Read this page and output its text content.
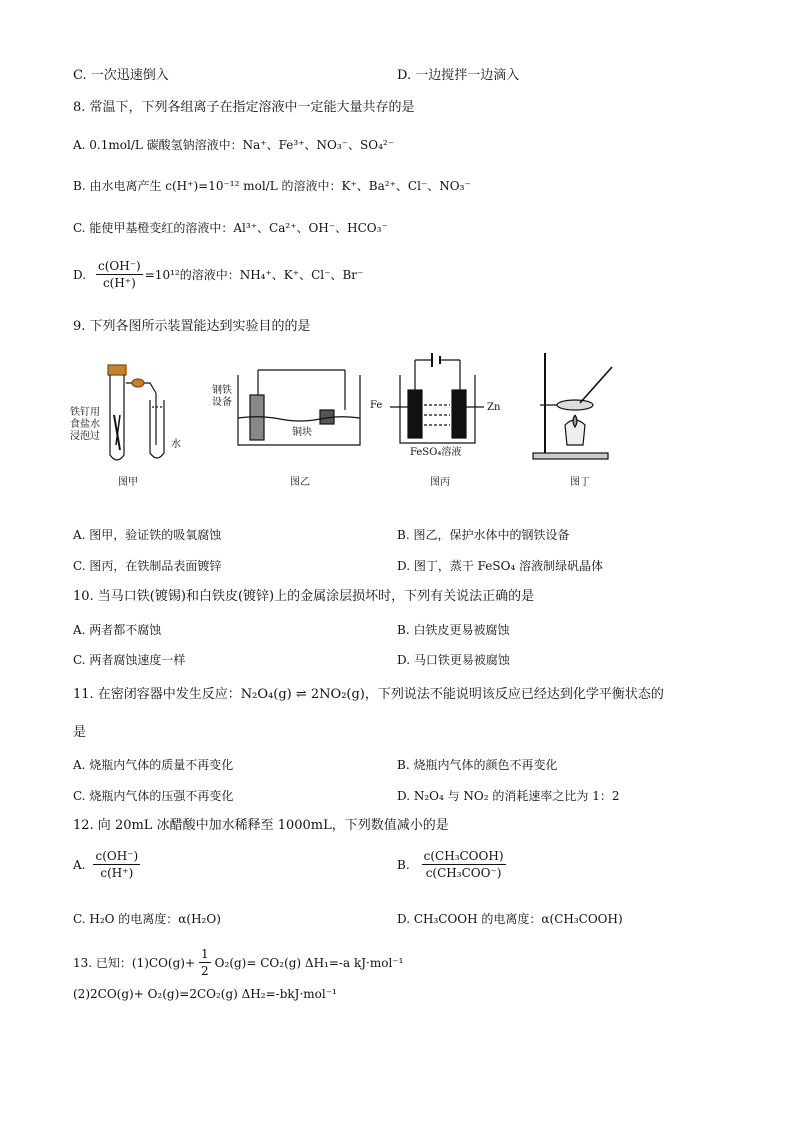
C. 一次迅速倒入	D. 一边搅拌一边滴入
8. 常温下，下列各组离子在指定溶液中一定能大量共存的是
A. 0.1mol/L 碳酸氢钠溶液中：Na⁺、Fe³⁺、NO₃⁻、SO₄²⁻
B. 由水电离产生 c(H⁺)=10⁻¹² mol/L 的溶液中：K⁺、Ba²⁺、Cl⁻、NO₃⁻
C. 能使甲基橙变红的溶液中：Al³⁺、Ca²⁺、OH⁻、HCO₃⁻
D. $\frac{c(OH^-)}{c(H^+)} =10^{12}$的溶液中：NH₄⁺、K⁺、Cl⁻、Br⁻
9. 下列各图所示装置能达到实验目的的是
铁钉用
食盐水
浸泡过
水
图甲
钢铁
设备
铜块
图乙
Fe	Zn
FeSO₄溶液
图丙	图丁
A. 图甲，验证铁的吸氧腐蚀	B. 图乙，保护水体中的钢铁设备
C. 图丙，在铁制品表面镀锌	D. 图丁，蒸干 FeSO₄ 溶液制绿矾晶体
10. 当马口铁(镀锡)和白铁皮(镀锌)上的金属涂层损坏时，下列有关说法正确的是
A. 两者都不腐蚀	B. 白铁皮更易被腐蚀
C. 两者腐蚀速度一样	D. 马口铁更易被腐蚀
11. 在密闭容器中发生反应：N₂O₄(g) ⇌ 2NO₂(g)，下列说法不能说明该反应已经达到化学平衡状态的
是
A. 烧瓶内气体的质量不再变化	B. 烧瓶内气体的颜色不再变化
C. 烧瓶内气体的压强不再变化	D. N₂O₄ 与 NO₂ 的消耗速率之比为 1：2
12. 向 20mL 冰醋酸中加水稀释至 1000mL，下列数值减小的是
A. $\frac{c(OH^-)}{c(H^+)}$	B. $\frac{\text{c(CH₃COOH)}}{\text{c(CH₃COO⁻)}}$
C. H₂O 的电离度：α(H₂O)	D. CH₃COOH 的电离度：α(CH₃COOH)
13. 已知：$(1)CO(g)+ \frac{1}{2} O_2(g)= CO_2(g)$ ΔH₁=-a kJ·mol⁻¹
(2)2CO(g)+ O₂(g)=2CO₂(g) ΔH₂=-bkJ·mol⁻¹
